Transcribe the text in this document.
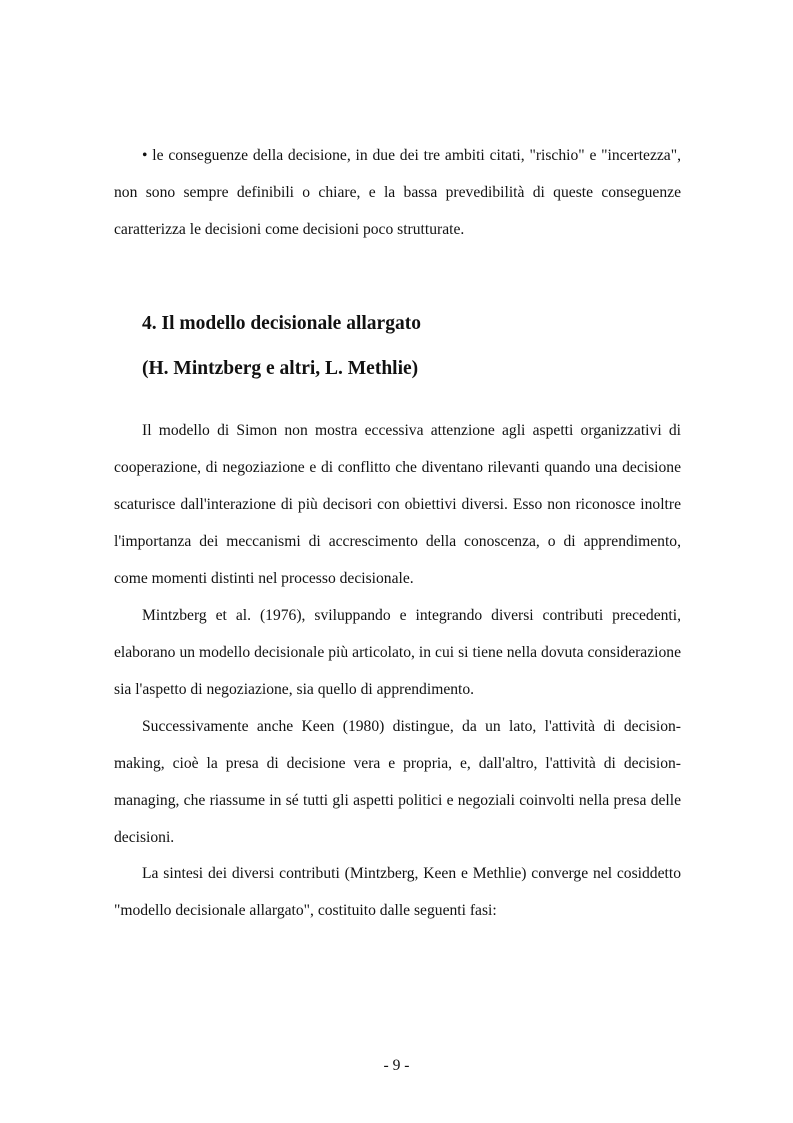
• le conseguenze della decisione, in due dei tre ambiti citati, "rischio" e "incertezza", non sono sempre definibili o chiare, e la bassa prevedibilità di queste conseguenze caratterizza le decisioni come decisioni poco strutturate.

4. Il modello decisionale allargato
(H. Mintzberg e altri, L. Methlie)

Il modello di Simon non mostra eccessiva attenzione agli aspetti organizzativi di cooperazione, di negoziazione e di conflitto che diventano rilevanti quando una decisione scaturisce dall'interazione di più decisori con obiettivi diversi. Esso non riconosce inoltre l'importanza dei meccanismi di accrescimento della conoscenza, o di apprendimento, come momenti distinti nel processo decisionale.

Mintzberg et al. (1976), sviluppando e integrando diversi contributi precedenti, elaborano un modello decisionale più articolato, in cui si tiene nella dovuta considerazione sia l'aspetto di negoziazione, sia quello di apprendimento.

Successivamente anche Keen (1980) distingue, da un lato, l'attività di decision-making, cioè la presa di decisione vera e propria, e, dall'altro, l'attività di decision-managing, che riassume in sé tutti gli aspetti politici e negoziali coinvolti nella presa delle decisioni.

La sintesi dei diversi contributi (Mintzberg, Keen e Methlie) converge nel cosiddetto "modello decisionale allargato", costituito dalle seguenti fasi:

- 9 -
